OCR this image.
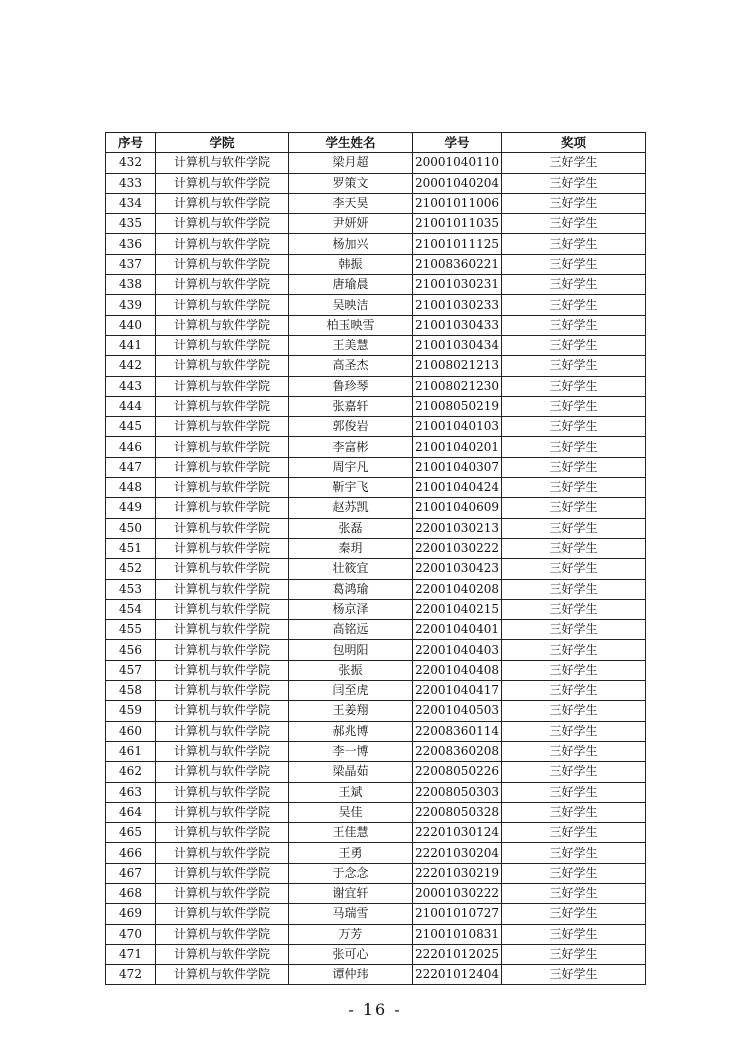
序号	学院	学生姓名	学号	奖项
432	计算机与软件学院	梁月超	20001040110	三好学生
433	计算机与软件学院	罗策文	20001040204	三好学生
434	计算机与软件学院	李天昊	21001011006	三好学生
435	计算机与软件学院	尹妍妍	21001011035	三好学生
436	计算机与软件学院	杨加兴	21001011125	三好学生
437	计算机与软件学院	韩振	21008360221	三好学生
438	计算机与软件学院	唐瑜晨	21001030231	三好学生
439	计算机与软件学院	吴映洁	21001030233	三好学生
440	计算机与软件学院	柏玉映雪	21001030433	三好学生
441	计算机与软件学院	王美慧	21001030434	三好学生
442	计算机与软件学院	高圣杰	21008021213	三好学生
443	计算机与软件学院	鲁珍琴	21008021230	三好学生
444	计算机与软件学院	张嘉轩	21008050219	三好学生
445	计算机与软件学院	郭俊岩	21001040103	三好学生
446	计算机与软件学院	李富彬	21001040201	三好学生
447	计算机与软件学院	周宇凡	21001040307	三好学生
448	计算机与软件学院	靳宇飞	21001040424	三好学生
449	计算机与软件学院	赵苏凯	21001040609	三好学生
450	计算机与软件学院	张磊	22001030213	三好学生
451	计算机与软件学院	秦玥	22001030222	三好学生
452	计算机与软件学院	壮筱宜	22001030423	三好学生
453	计算机与软件学院	葛鸿瑜	22001040208	三好学生
454	计算机与软件学院	杨京泽	22001040215	三好学生
455	计算机与软件学院	高铭远	22001040401	三好学生
456	计算机与软件学院	包明阳	22001040403	三好学生
457	计算机与软件学院	张振	22001040408	三好学生
458	计算机与软件学院	闫至虎	22001040417	三好学生
459	计算机与软件学院	王姜翔	22001040503	三好学生
460	计算机与软件学院	郝兆博	22008360114	三好学生
461	计算机与软件学院	李一博	22008360208	三好学生
462	计算机与软件学院	梁晶茹	22008050226	三好学生
463	计算机与软件学院	王斌	22008050303	三好学生
464	计算机与软件学院	吴佳	22008050328	三好学生
465	计算机与软件学院	王佳慧	22201030124	三好学生
466	计算机与软件学院	王勇	22201030204	三好学生
467	计算机与软件学院	于念念	22201030219	三好学生
468	计算机与软件学院	谢宜轩	20001030222	三好学生
469	计算机与软件学院	马瑞雪	21001010727	三好学生
470	计算机与软件学院	万芳	21001010831	三好学生
471	计算机与软件学院	张可心	22201012025	三好学生
472	计算机与软件学院	谭仲玮	22201012404	三好学生
- 16 -
